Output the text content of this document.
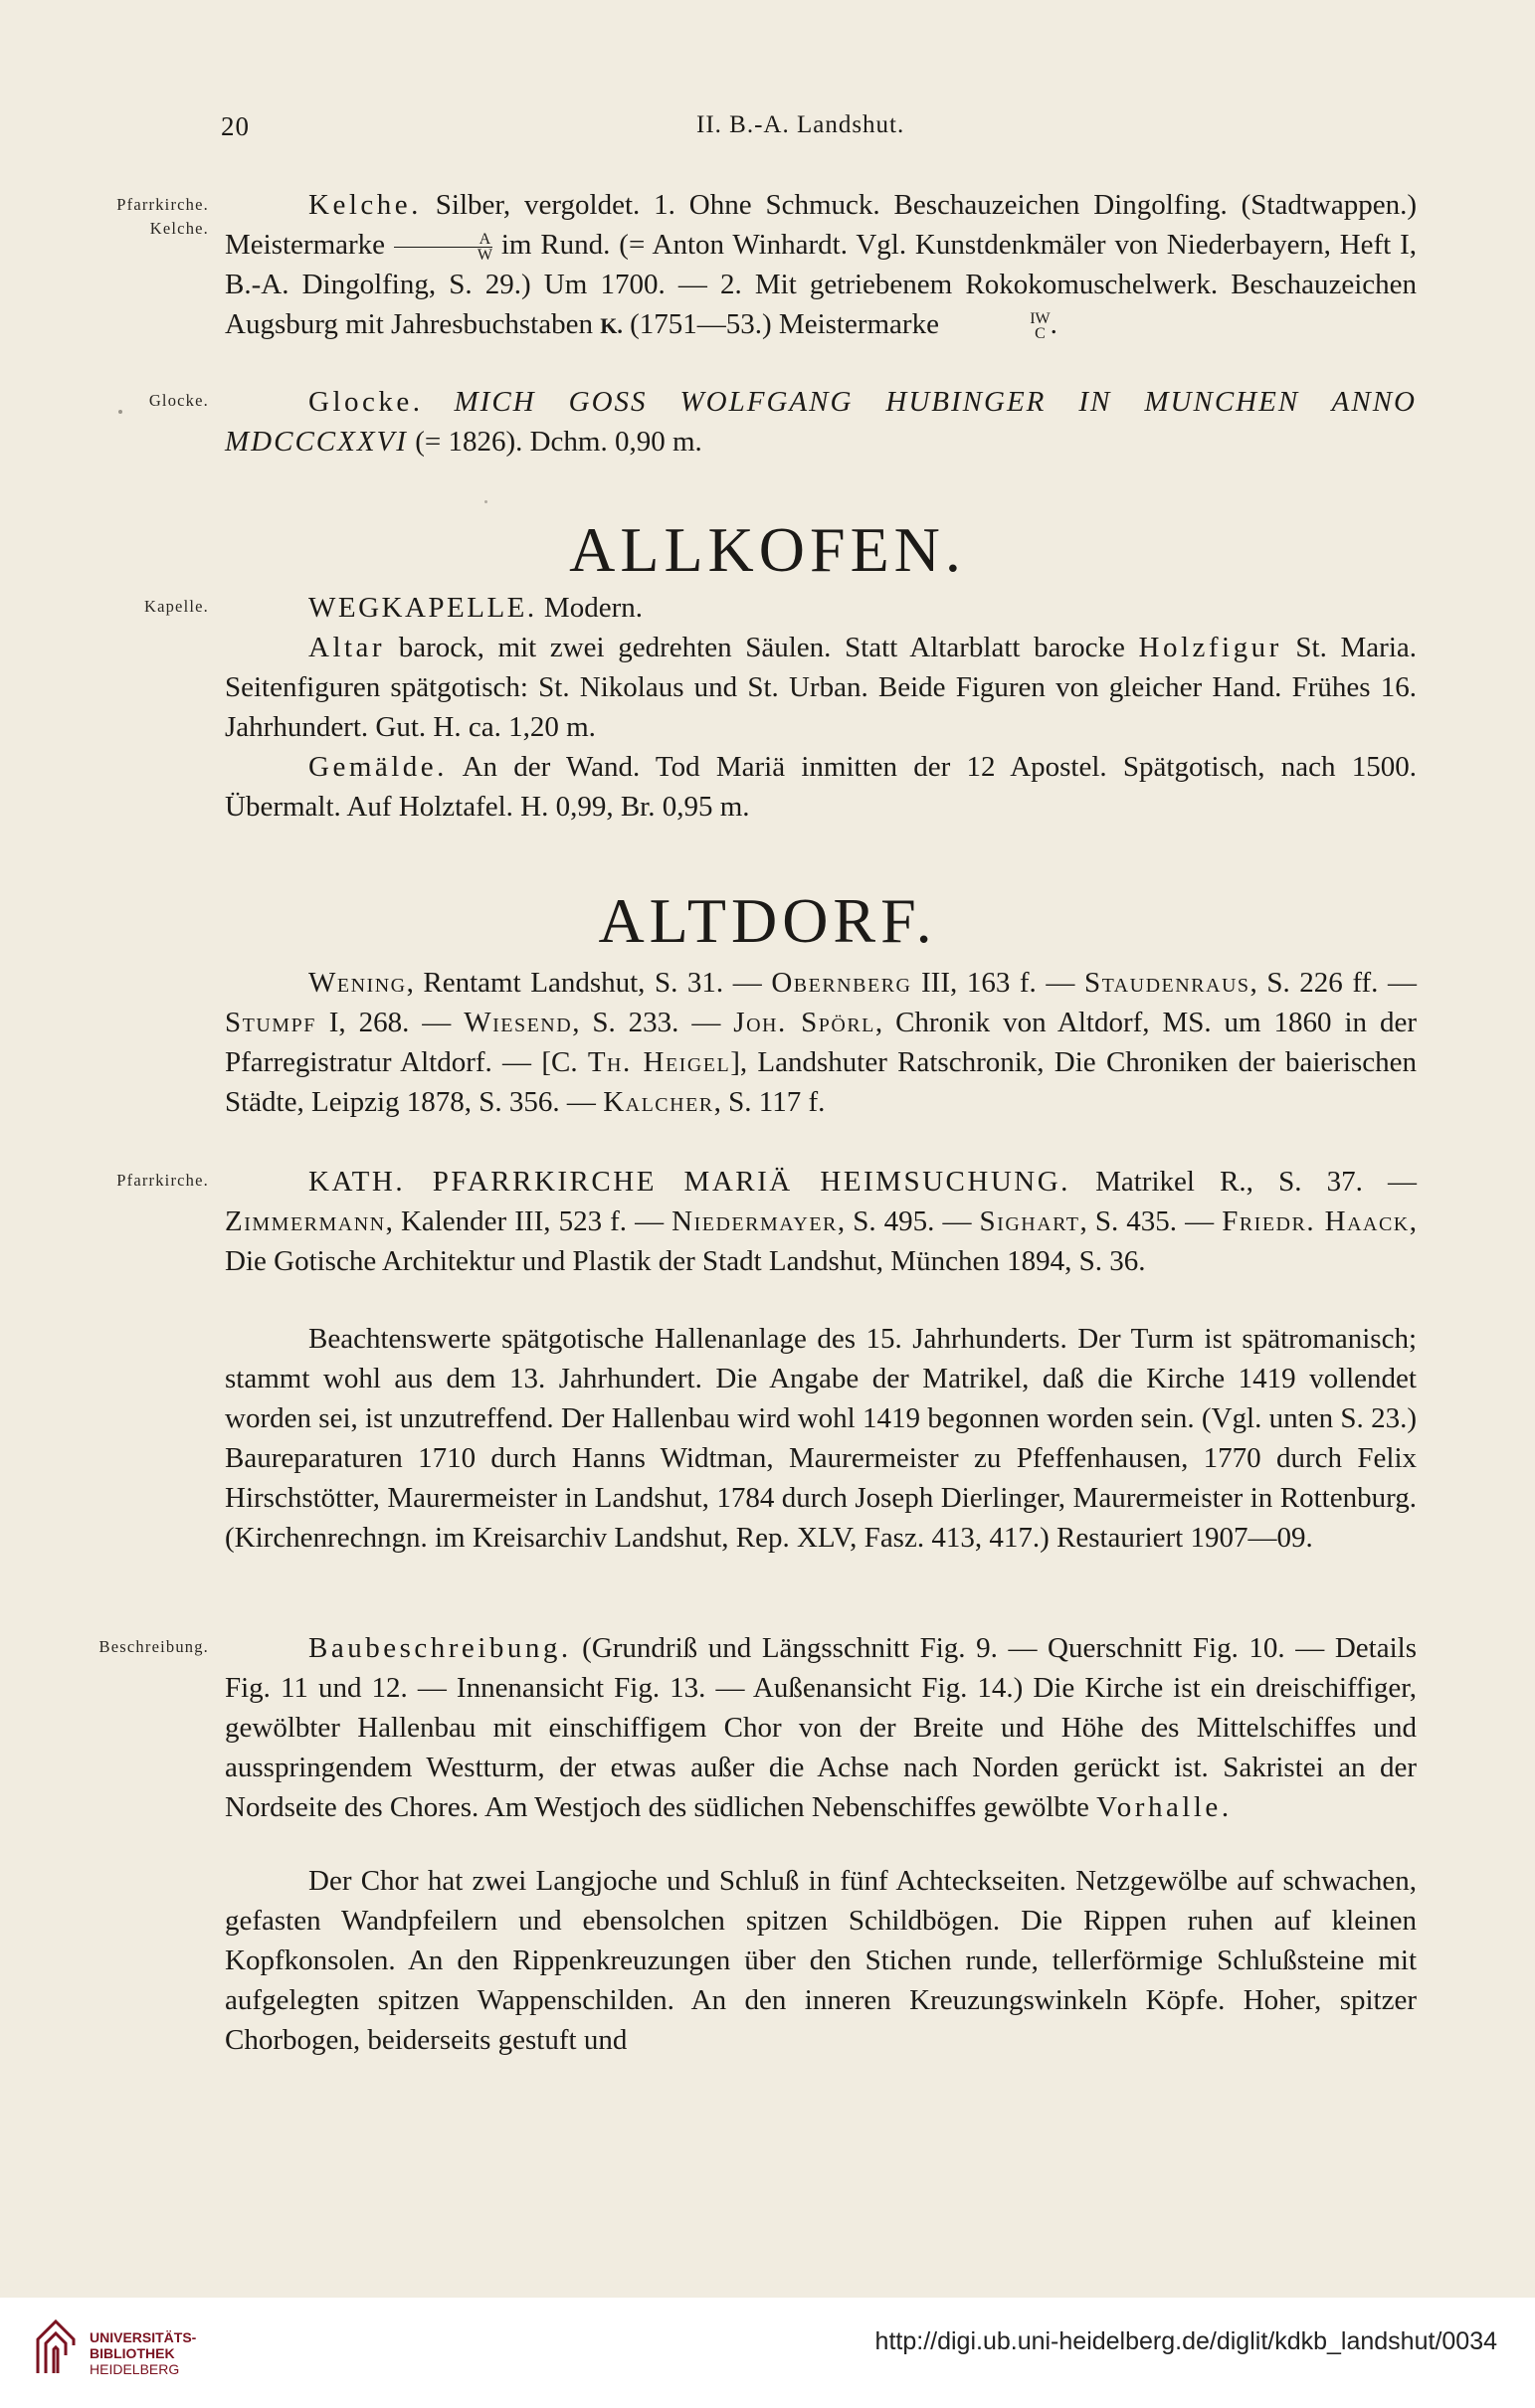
20	II. B.-A. Landshut.
Pfarrkirche.
Kelche.
Glocke.
Kapelle.
Pfarrkirche.
Beschreibung.

Kelche. Silber, vergoldet. 1. Ohne Schmuck. Beschauzeichen Dingolfing. (Stadtwappen.) Meistermarke $\frac{A}{W}$ im Rund. (= Anton Winhardt. Vgl. Kunstdenkmäler von Niederbayern, Heft I, B.-A. Dingolfing, S. 29.) Um 1700. — 2. Mit getriebenem Rokokomuschelwerk. Beschauzeichen Augsburg mit Jahresbuchstaben K. (1751—53.) Meistermarke	IW
C .

Glocke. MICH GOSS WOLFGANG HUBINGER IN MUNCHEN ANNO MDCCCXXVI (= 1826). Dchm. 0,90 m.

ALLKOFEN.

WEGKAPELLE. Modern.

Altar barock, mit zwei gedrehten Säulen. Statt Altarblatt barocke Holzfigur St. Maria. Seitenfiguren spätgotisch: St. Nikolaus und St. Urban. Beide Figuren von gleicher Hand. Frühes 16. Jahrhundert. Gut. H. ca. 1,20 m.

Gemälde. An der Wand. Tod Mariä inmitten der 12 Apostel. Spätgotisch, nach 1500. Übermalt. Auf Holztafel. H. 0,99, Br. 0,95 m.

ALTDORF.

Wening, Rentamt Landshut, S. 31. — Obernberg III, 163 f. — Staudenraus, S. 226 ff. — Stumpf I, 268. — Wiesend, S. 233. — Joh. Spörl, Chronik von Altdorf, MS. um 1860 in der Pfarregistratur Altdorf. — [C. Th. Heigel], Landshuter Ratschronik, Die Chroniken der baierischen Städte, Leipzig 1878, S. 356. — Kalcher, S. 117 f.

KATH. PFARRKIRCHE MARIÄ HEIMSUCHUNG. Matrikel R., S. 37. — Zimmermann, Kalender III, 523 f. — Niedermayer, S. 495. — Sighart, S. 435. — Friedr. Haack, Die Gotische Architektur und Plastik der Stadt Landshut, München 1894, S. 36.

Beachtenswerte spätgotische Hallenanlage des 15. Jahrhunderts. Der Turm ist spätromanisch; stammt wohl aus dem 13. Jahrhundert. Die Angabe der Matrikel, daß die Kirche 1419 vollendet worden sei, ist unzutreffend. Der Hallenbau wird wohl 1419 begonnen worden sein. (Vgl. unten S. 23.) Baureparaturen 1710 durch Hanns Widtman, Maurermeister zu Pfeffenhausen, 1770 durch Felix Hirschstötter, Maurermeister in Landshut, 1784 durch Joseph Dierlinger, Maurermeister in Rottenburg. (Kirchenrechngn. im Kreisarchiv Landshut, Rep. XLV, Fasz. 413, 417.) Restauriert 1907—09.

Baubeschreibung. (Grundriß und Längsschnitt Fig. 9. — Querschnitt Fig. 10. — Details Fig. 11 und 12. — Innenansicht Fig. 13. — Außenansicht Fig. 14.) Die Kirche ist ein dreischiffiger, gewölbter Hallenbau mit einschiffigem Chor von der Breite und Höhe des Mittelschiffes und ausspringendem Westturm, der etwas außer die Achse nach Norden gerückt ist. Sakristei an der Nordseite des Chores. Am Westjoch des südlichen Nebenschiffes gewölbte Vorhalle.

Der Chor hat zwei Langjoche und Schluß in fünf Achteckseiten. Netzgewölbe auf schwachen, gefasten Wandpfeilern und ebensolchen spitzen Schildbögen. Die Rippen ruhen auf kleinen Kopfkonsolen. An den Rippenkreuzungen über den Stichen runde, tellerförmige Schlußsteine mit aufgelegten spitzen Wappenschilden. An den inneren Kreuzungswinkeln Köpfe. Hoher, spitzer Chorbogen, beiderseits gestuft und

UNIVERSITÄTS-
BIBLIOTHEK
HEIDELBERG
http://digi.ub.uni-heidelberg.de/diglit/kdkb_landshut/0034
